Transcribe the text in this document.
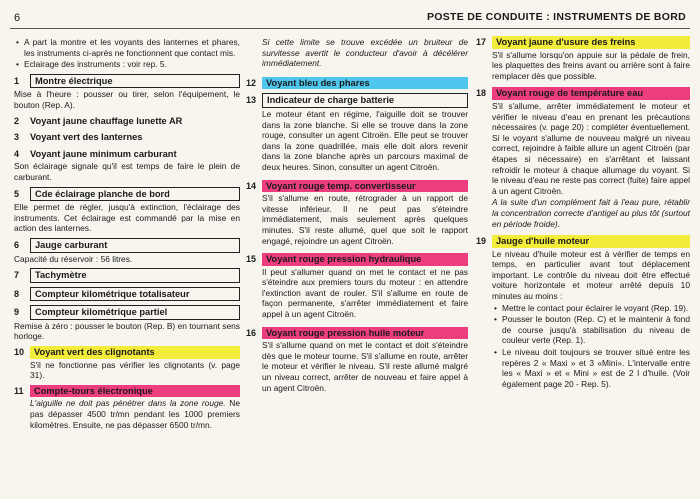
6	POSTE DE CONDUITE : INSTRUMENTS DE BORD

• A part la montre et les voyants des lanternes et phares, les instruments ci-après ne fonctionnent que contact mis.

• Eclairage des instruments : voir rep. 5.

1	Montre électrique

Mise à l'heure : pousser ou tirer, selon l'équipement, le bouton (Rep. A).

2	Voyant jaune chauffage lunette AR
3	Voyant vert des lanternes
4	Voyant jaune minimum carburant

Son éclairage signale qu'il est temps de faire le plein de carburant.

5	Cde éclairage planche de bord

Elle permet de régler, jusqu'à extinction, l'éclairage des instruments. Cet éclairage est commandé par la mise en action des lanternes.

6	Jauge carburant

Capacité du réservoir : 56 litres.

7	Tachymètre
8	Compteur kilométrique totalisateur
9	Compteur kilométrique partiel

Remise à zéro : pousser le bouton (Rep. B) en tournant sens horloge.

10	Voyant vert des clignotants

S'il ne fonctionne pas vérifier les clignotants (v. page 31).

11	Compte-tours électronique

L'aiguille ne doit pas pénétrer dans la zone rouge. Ne pas dépasser 4500 tr/mn pendant les 1000 premiers kilomètres. Ensuite, ne pas dépasser 6500 tr/mn.

Si cette limite se trouve excédée un bruiteur de survitesse avertit le conducteur d'avoir à décélérer immédiatement.

12	Voyant bleu des phares
13	Indicateur de charge batterie

Le moteur étant en régime, l'aiguille doit se trouver dans la zone blanche. Si elle se trouve dans la zone rouge, consulter un agent Citroën. Elle peut se trouver dans la zone quadrillée, mais elle doit alors revenir dans la zone blanche après un parcours maximal de deux heures. Sinon, consulter un agent Citroën.

14	Voyant rouge temp. convertisseur

S'il s'allume en route, rétrograder à un rapport de vitesse inférieur. Il ne peut pas s'éteindre immédiatement, mais seulement après quelques minutes. S'il reste allumé, quel que soit le rapport engagé, rejoindre un agent Citroën.

15	Voyant rouge pression hydraulique

Il peut s'allumer quand on met le contact et ne pas s'éteindre aux premiers tours du moteur : en attendre l'extinction avant de rouler. S'il s'allume en route de façon permanente, s'arrêter immédiatement et faire appel à un agent Citroën.

16	Voyant rouge pression huile moteur

S'il s'allume quand on met le contact et doit s'éteindre dès que le moteur tourne. S'il s'allume en route, arrêter le moteur et vérifier le niveau. S'il reste allumé malgré un niveau correct, arrêter de nouveau et faire appel à un agent Citroën.

17	Voyant jaune d'usure des freins

S'il s'allume lorsqu'on appuie sur la pédale de frein, les plaquettes des freins avant ou arrière sont à faire remplacer dès que possible.

18	Voyant rouge de température eau

S'il s'allume, arrêter immédiatement le moteur et vérifier le niveau d'eau en prenant les précautions nécessaires (v. page 20) : compléter éventuellement. Si le voyant s'allume de nouveau malgré un niveau correct, rejoindre à faible allure un agent Citroën (par étapes si nécessaire) en s'arrêtant et laissant refroidir le moteur à chaque allumage du voyant. Si le niveau d'eau ne reste pas correct (fuite) faire appel à un agent Citroën.

A la suite d'un complément fait à l'eau pure, rétablir la concentration correcte d'antigel au plus tôt (surtout en période froide).

19	Jauge d'huile moteur

Le niveau d'huile moteur est à vérifier de temps en temps, en particulier avant tout déplacement important. Le contrôle du niveau doit être effectué voiture horizontale et moteur arrêté depuis 10 minutes au moins :

• Mettre le contact pour éclairer le voyant (Rep. 19).

• Pousser le bouton (Rep. C) et le maintenir à fond de course jusqu'à stabilisation du niveau de couleur verte (Rep. 1).

• Le niveau doit toujours se trouver situé entre les repères 2 « Maxi » et 3 «Mini». L'intervalle entre les « Maxi » et « Mini » est de 2 l d'huile. (Voir également page 20 - Rep. 5).
